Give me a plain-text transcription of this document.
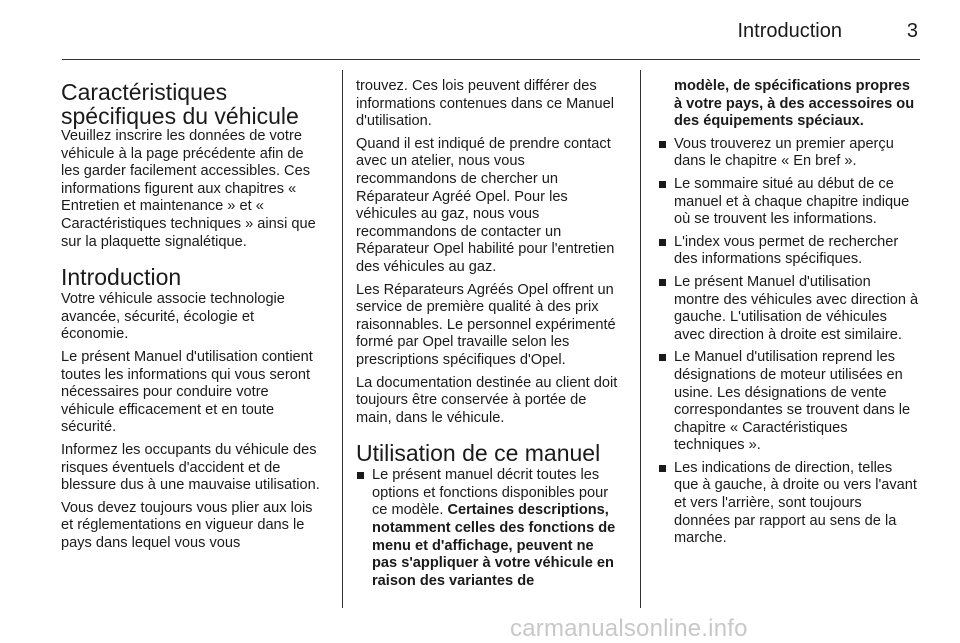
Introduction	3
Caractéristiques spécifiques du véhicule

Veuillez inscrire les données de votre véhicule à la page précédente afin de les garder facilement accessibles. Ces informations figurent aux chapitres « Entretien et maintenance » et « Caractéristiques techniques » ainsi que sur la plaquette signalétique.

Introduction

Votre véhicule associe technologie avancée, sécurité, écologie et économie.

Le présent Manuel d'utilisation contient toutes les informations qui vous seront nécessaires pour conduire votre véhicule efficacement et en toute sécurité.

Informez les occupants du véhicule des risques éventuels d'accident et de blessure dus à une mauvaise utilisation.

Vous devez toujours vous plier aux lois et réglementations en vigueur dans le pays dans lequel vous vous

trouvez. Ces lois peuvent différer des informations contenues dans ce Manuel d'utilisation.

Quand il est indiqué de prendre contact avec un atelier, nous vous recommandons de chercher un Réparateur Agréé Opel. Pour les véhicules au gaz, nous vous recommandons de contacter un Réparateur Opel habilité pour l'entretien des véhicules au gaz.

Les Réparateurs Agréés Opel offrent un service de première qualité à des prix raisonnables. Le personnel expérimenté formé par Opel travaille selon les prescriptions spécifiques d'Opel.

La documentation destinée au client doit toujours être conservée à portée de main, dans le véhicule.

Utilisation de ce manuel
Le présent manuel décrit toutes les options et fonctions disponibles pour ce modèle. Certaines descriptions, notamment celles des fonctions de menu et d'affichage, peuvent ne pas s'appliquer à votre véhicule en raison des variantes de
modèle, de spécifications propres à votre pays, à des accessoires ou des équipements spéciaux.
Vous trouverez un premier aperçu dans le chapitre « En bref ».
Le sommaire situé au début de ce manuel et à chaque chapitre indique où se trouvent les informations.
L'index vous permet de rechercher des informations spécifiques.
Le présent Manuel d'utilisation montre des véhicules avec direction à gauche. L'utilisation de véhicules avec direction à droite est similaire.
Le Manuel d'utilisation reprend les désignations de moteur utilisées en usine. Les désignations de vente correspondantes se trouvent dans le chapitre « Caractéristiques techniques ».
Les indications de direction, telles que à gauche, à droite ou vers l'avant et vers l'arrière, sont toujours données par rapport au sens de la marche.
carmanualsonline.info
